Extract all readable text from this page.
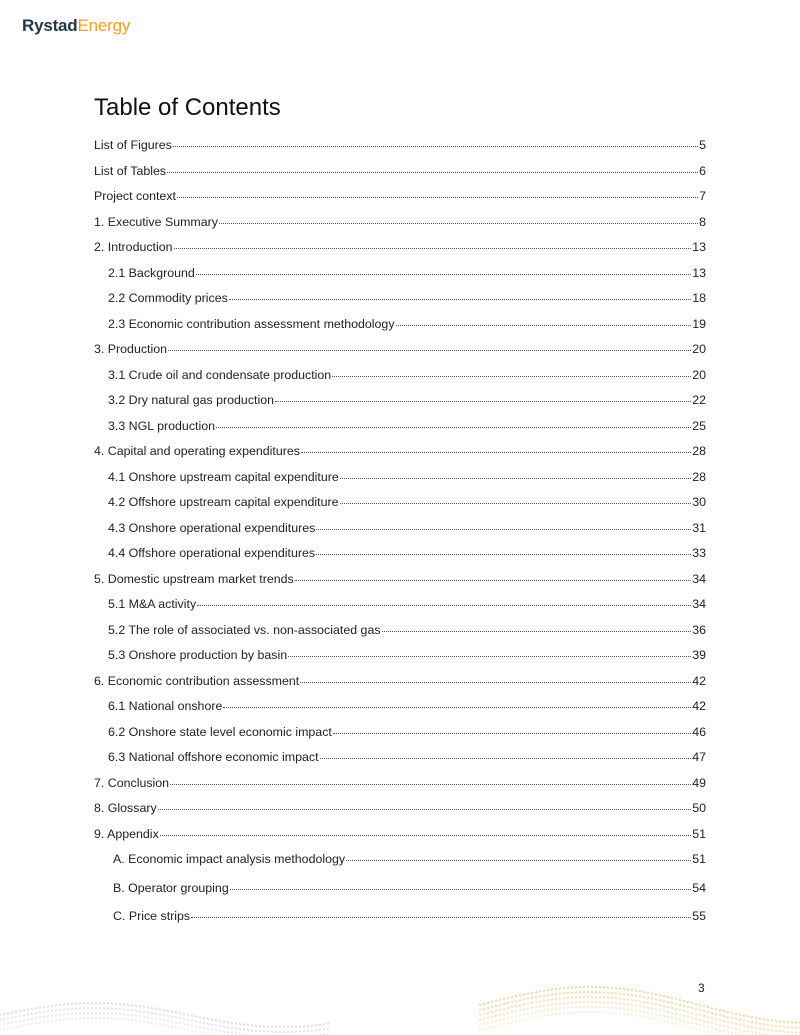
RystadEnergy
Table of Contents
List of Figures	5
List of Tables	6
Project context	7
1. Executive Summary	8
2. Introduction	13
2.1 Background	13
2.2 Commodity prices	18
2.3 Economic contribution assessment methodology	19
3. Production	20
3.1 Crude oil and condensate production	20
3.2 Dry natural gas production	22
3.3 NGL production	25
4. Capital and operating expenditures	28
4.1 Onshore upstream capital expenditure	28
4.2 Offshore upstream capital expenditure	30
4.3 Onshore operational expenditures	31
4.4 Offshore operational expenditures	33
5. Domestic upstream market trends	34
5.1 M&A activity	34
5.2 The role of associated vs. non-associated gas	36
5.3 Onshore production by basin	39
6. Economic contribution assessment	42
6.1 National onshore	42
6.2 Onshore state level economic impact	46
6.3 National offshore economic impact	47
7. Conclusion	49
8. Glossary	50
9. Appendix	51
A. Economic impact analysis methodology	51
B. Operator grouping	54
C. Price strips	55
3
